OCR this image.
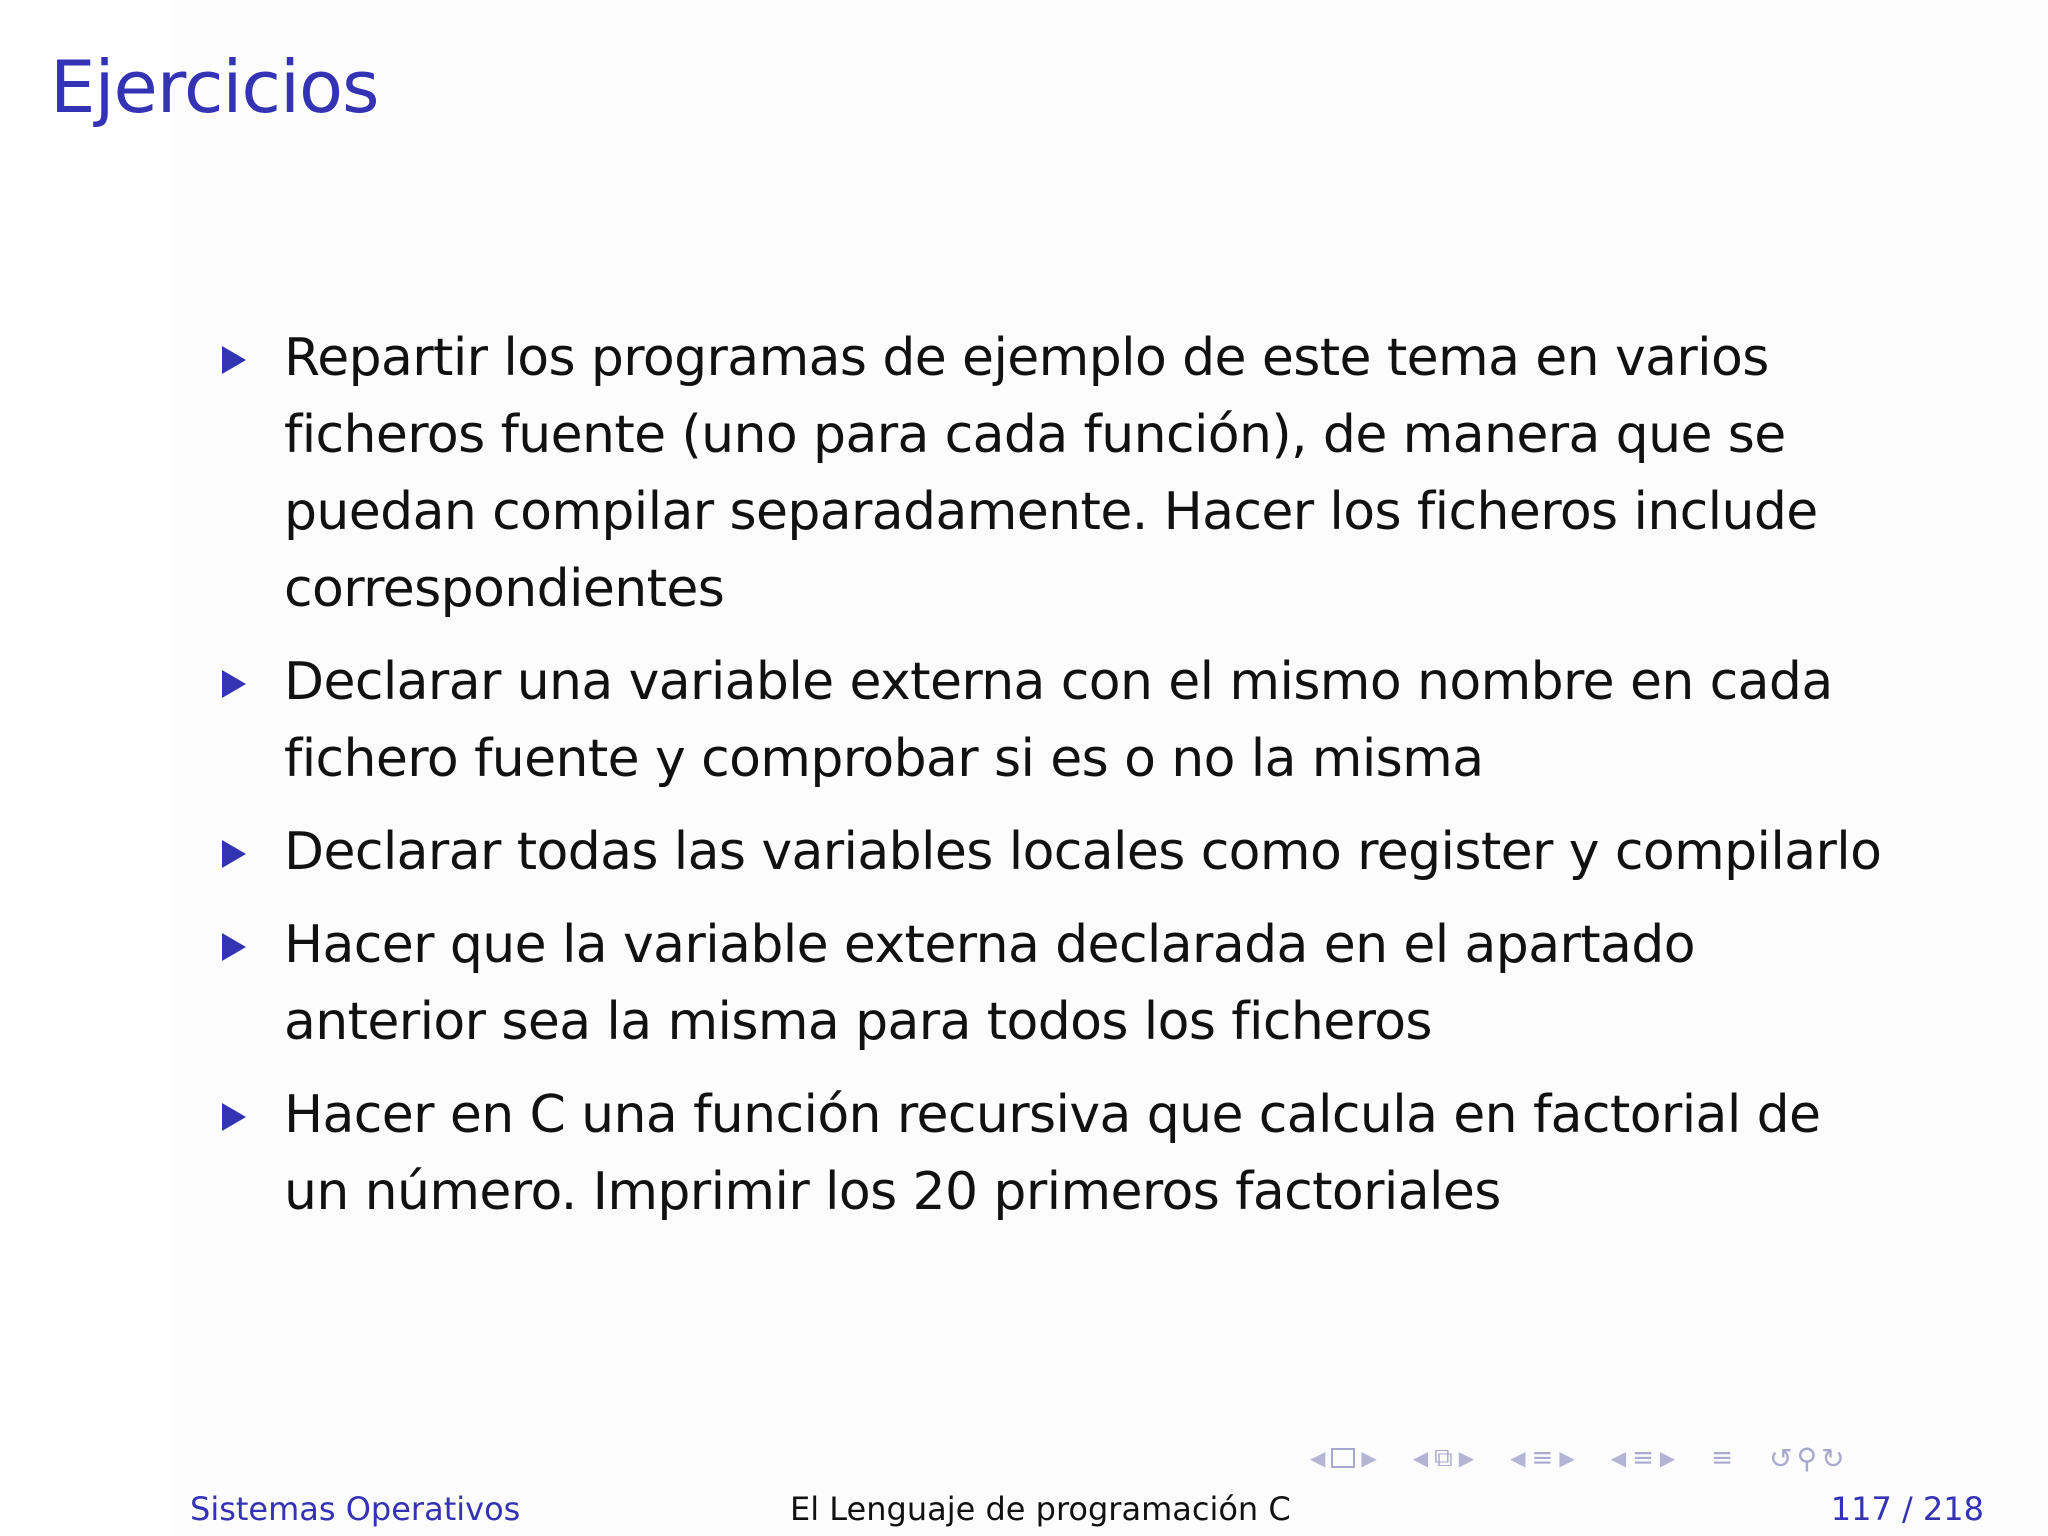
Ejercicios
Repartir los programas de ejemplo de este tema en varios ficheros fuente (uno para cada función), de manera que se puedan compilar separadamente. Hacer los ficheros include correspondientes
Declarar una variable externa con el mismo nombre en cada fichero fuente y comprobar si es o no la misma
Declarar todas las variables locales como register y compilarlo
Hacer que la variable externa declarada en el apartado anterior sea la misma para todos los ficheros
Hacer en C una función recursiva que calcula en factorial de un número. Imprimir los 20 primeros factoriales
◀ ▶ ◀ ⧉ ▶ ◀ ≡ ▶ ◀ ≡ ▶ ≡ ↺ ⚲ ↻
Sistemas Operativos	El Lenguaje de programación C	117 / 218
